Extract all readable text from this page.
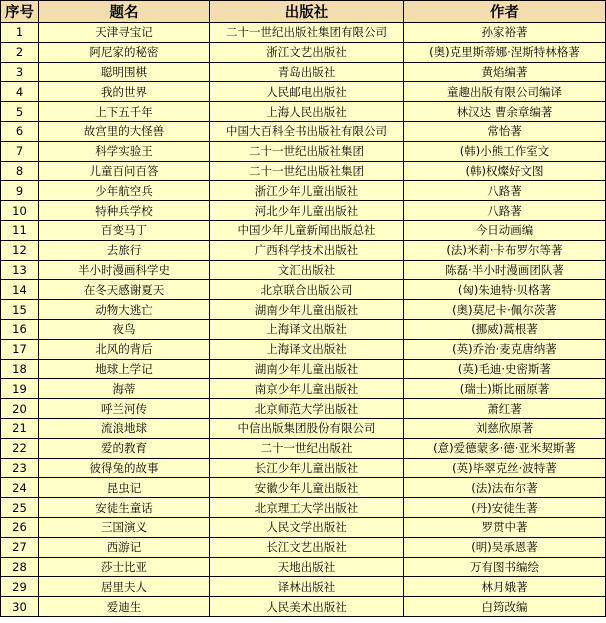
序号	题名	出版社	作者
1	天津寻宝记	二十一世纪出版社集团有限公司	孙家裕著
2	阿尼家的秘密	浙江文艺出版社	(奥)克里斯蒂娜·涅斯特林格著
3	聪明围棋	青岛出版社	黄焰编著
4	我的世界	人民邮电出版社	童趣出版有限公司编译
5	上下五千年	上海人民出版社	林汉达 曹余章编著
6	故宫里的大怪兽	中国大百科全书出版社有限公司	常怡著
7	科学实验王	二十一世纪出版社集团	(韩)小熊工作室文
8	儿童百问百答	二十一世纪出版社集团	(韩)权燦好文图
9	少年航空兵	浙江少年儿童出版社	八路著
10	特种兵学校	河北少年儿童出版社	八路著
11	百变马丁	中国少年儿童新闻出版总社	今日动画编
12	去旅行	广西科学技术出版社	(法)米莉·卡布罗尔等著
13	半小时漫画科学史	文汇出版社	陈磊·半小时漫画团队著
14	在冬天感谢夏天	北京联合出版公司	(匈)朱迪特·贝格著
15	动物大逃亡	湖南少年儿童出版社	(奥)莫尼卡·佩尔茨著
16	夜鸟	上海译文出版社	(挪威)蒿根著
17	北风的背后	上海译文出版社	(英)乔治·麦克唐纳著
18	地球上学记	湖南少年儿童出版社	(英)毛迪·史密斯著
19	海蒂	南京少年儿童出版社	(瑞士)斯比丽原著
20	呼兰河传	北京师范大学出版社	萧红著
21	流浪地球	中信出版集团股份有限公司	刘慈欣原著
22	爱的教育	二十一世纪出版社	(意)爱德蒙多·德·亚米契斯著
23	彼得兔的故事	长江少年儿童出版社	(英)毕翠克丝·波特著
24	昆虫记	安徽少年儿童出版社	(法)法布尔著
25	安徒生童话	北京理工大学出版社	(丹)安徒生著
26	三国演义	人民文学出版社	罗贯中著
27	西游记	长江文艺出版社	(明)吴承恩著
28	莎士比亚	天地出版社	万有图书编绘
29	居里夫人	译林出版社	林月娥著
30	爱迪生	人民美术出版社	白筠改编
